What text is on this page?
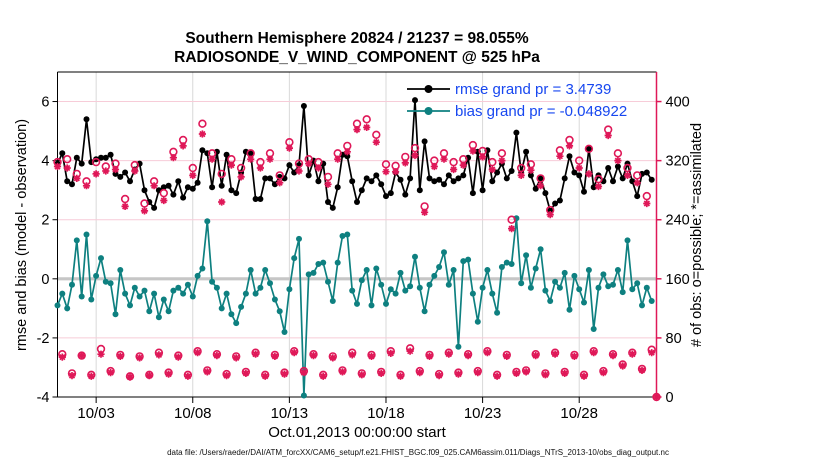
-4
-2
0
2
4
6
0
80
160
240
320
400
10/03	10/08	10/13	10/18	10/23	10/28
Southern Hemisphere 20824 / 21237 = 98.055%
RADIOSONDE_V_WIND_COMPONENT @ 525 hPa
rmse grand pr = 3.4739
bias grand pr = -0.048922
rmse and bias (model - observation)	# of obs: o=possible; *=assimilated
Oct.01,2013 00:00:00 start
data file: /Users/raeder/DAI/ATM_forcXX/CAM6_setup/f.e21.FHIST_BGC.f09_025.CAM6assim.011/Diags_NTrS_2013-10/obs_diag_output.nc
